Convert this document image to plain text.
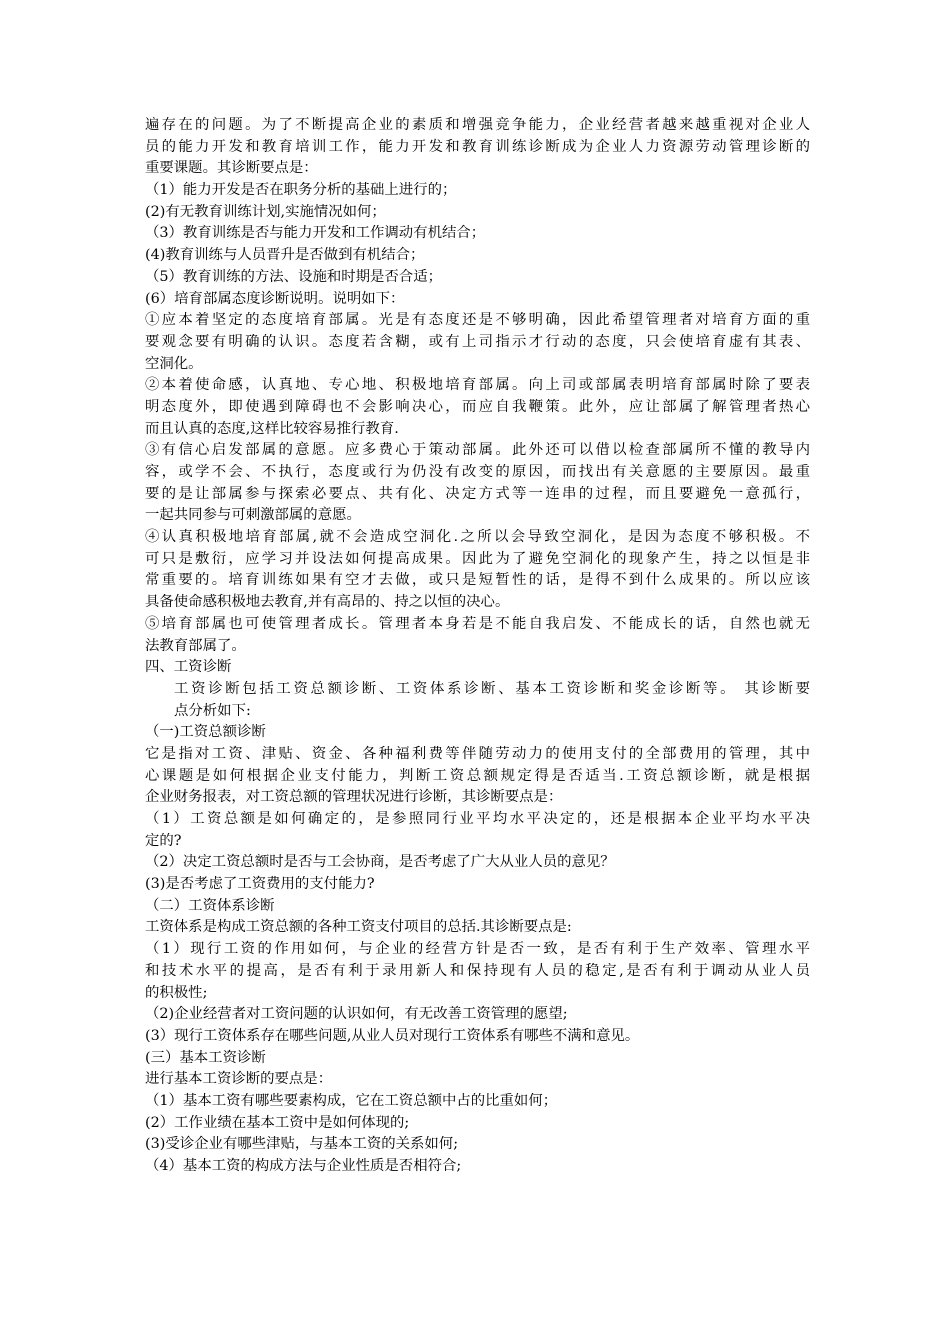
遍存在的问题。为了不断提高企业的素质和增强竞争能力，企业经营者越来越重视对企业人
员的能力开发和教育培训工作，能力开发和教育训练诊断成为企业人力资源劳动管理诊断的
重要课题。其诊断要点是：
（1）能力开发是否在职务分析的基础上进行的；
(2)有无教育训练计划,实施情况如何；
（3）教育训练是否与能力开发和工作调动有机结合；
(4)教育训练与人员晋升是否做到有机结合；
（5）教育训练的方法、设施和时期是否合适；
(6）培育部属态度诊断说明。说明如下：
①应本着坚定的态度培育部属。光是有态度还是不够明确，因此希望管理者对培育方面的重
要观念要有明确的认识。态度若含糊，或有上司指示才行动的态度，只会使培育虚有其表、
空洞化。
②本着使命感，认真地、专心地、积极地培育部属。向上司或部属表明培育部属时除了要表
明态度外，即使遇到障碍也不会影响决心，而应自我鞭策。此外，应让部属了解管理者热心
而且认真的态度,这样比较容易推行教育.
③有信心启发部属的意愿。应多费心于策动部属。此外还可以借以检查部属所不懂的教导内
容，或学不会、不执行，态度或行为仍没有改变的原因，而找出有关意愿的主要原因。最重
要的是让部属参与探索必要点、共有化、决定方式等一连串的过程，而且要避免一意孤行，
一起共同参与可刺激部属的意愿。
④认真积极地培育部属,就不会造成空洞化.之所以会导致空洞化，是因为态度不够积极。不
可只是敷衍，应学习并设法如何提高成果。因此为了避免空洞化的现象产生，持之以恒是非
常重要的。培育训练如果有空才去做，或只是短暂性的话，是得不到什么成果的。所以应该
具备使命感积极地去教育,并有高昂的、持之以恒的决心。
⑤培育部属也可使管理者成长。管理者本身若是不能自我启发、不能成长的话，自然也就无
法教育部属了。
四、工资诊断
工资诊断包括工资总额诊断、工资体系诊断、基本工资诊断和奖金诊断等。 其诊断要
点分析如下:
（一)工资总额诊断
它是指对工资、津贴、资金、各种福利费等伴随劳动力的使用支付的全部费用的管理，其中
心课题是如何根据企业支付能力，判断工资总额规定得是否适当.工资总额诊断，就是根据
企业财务报表，对工资总额的管理状况进行诊断，其诊断要点是：
（1）工资总额是如何确定的，是参照同行业平均水平决定的，还是根据本企业平均水平决
定的?
（2）决定工资总额时是否与工会协商，是否考虑了广大从业人员的意见？
(3)是否考虑了工资费用的支付能力?
（二）工资体系诊断
工资体系是构成工资总额的各种工资支付项目的总括.其诊断要点是:
（1）现行工资的作用如何，与企业的经营方针是否一致，是否有利于生产效率、管理水平
和技术水平的提高，是否有利于录用新人和保持现有人员的稳定,是否有利于调动从业人员
的积极性;
（2)企业经营者对工资问题的认识如何，有无改善工资管理的愿望;
(3）现行工资体系存在哪些问题,从业人员对现行工资体系有哪些不满和意见。
(三）基本工资诊断
进行基本工资诊断的要点是：
（1）基本工资有哪些要素构成，它在工资总额中占的比重如何；
(2）工作业绩在基本工资中是如何体现的;
(3)受诊企业有哪些津贴，与基本工资的关系如何;
（4）基本工资的构成方法与企业性质是否相符合;
